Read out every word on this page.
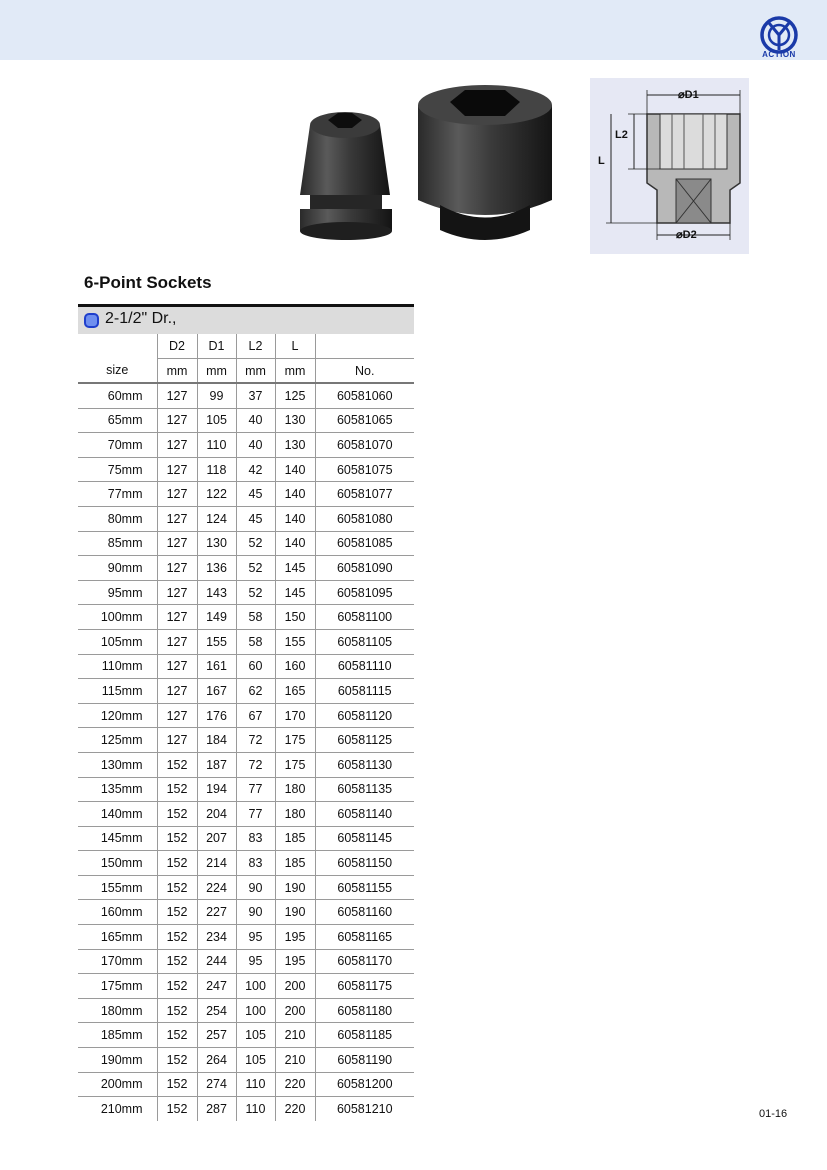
ACTION
⌀D1
⌀D2
L2
L
6-Point Sockets
2-1/2" Dr.,
	D2	D1	L2	L	
size	mm	mm	mm	mm	No.
60mm	127	99	37	125	60581060
65mm	127	105	40	130	60581065
70mm	127	110	40	130	60581070
75mm	127	118	42	140	60581075
77mm	127	122	45	140	60581077
80mm	127	124	45	140	60581080
85mm	127	130	52	140	60581085
90mm	127	136	52	145	60581090
95mm	127	143	52	145	60581095
100mm	127	149	58	150	60581100
105mm	127	155	58	155	60581105
110mm	127	161	60	160	60581110
115mm	127	167	62	165	60581115
120mm	127	176	67	170	60581120
125mm	127	184	72	175	60581125
130mm	152	187	72	175	60581130
135mm	152	194	77	180	60581135
140mm	152	204	77	180	60581140
145mm	152	207	83	185	60581145
150mm	152	214	83	185	60581150
155mm	152	224	90	190	60581155
160mm	152	227	90	190	60581160
165mm	152	234	95	195	60581165
170mm	152	244	95	195	60581170
175mm	152	247	100	200	60581175
180mm	152	254	100	200	60581180
185mm	152	257	105	210	60581185
190mm	152	264	105	210	60581190
200mm	152	274	110	220	60581200
210mm	152	287	110	220	60581210	01-16
